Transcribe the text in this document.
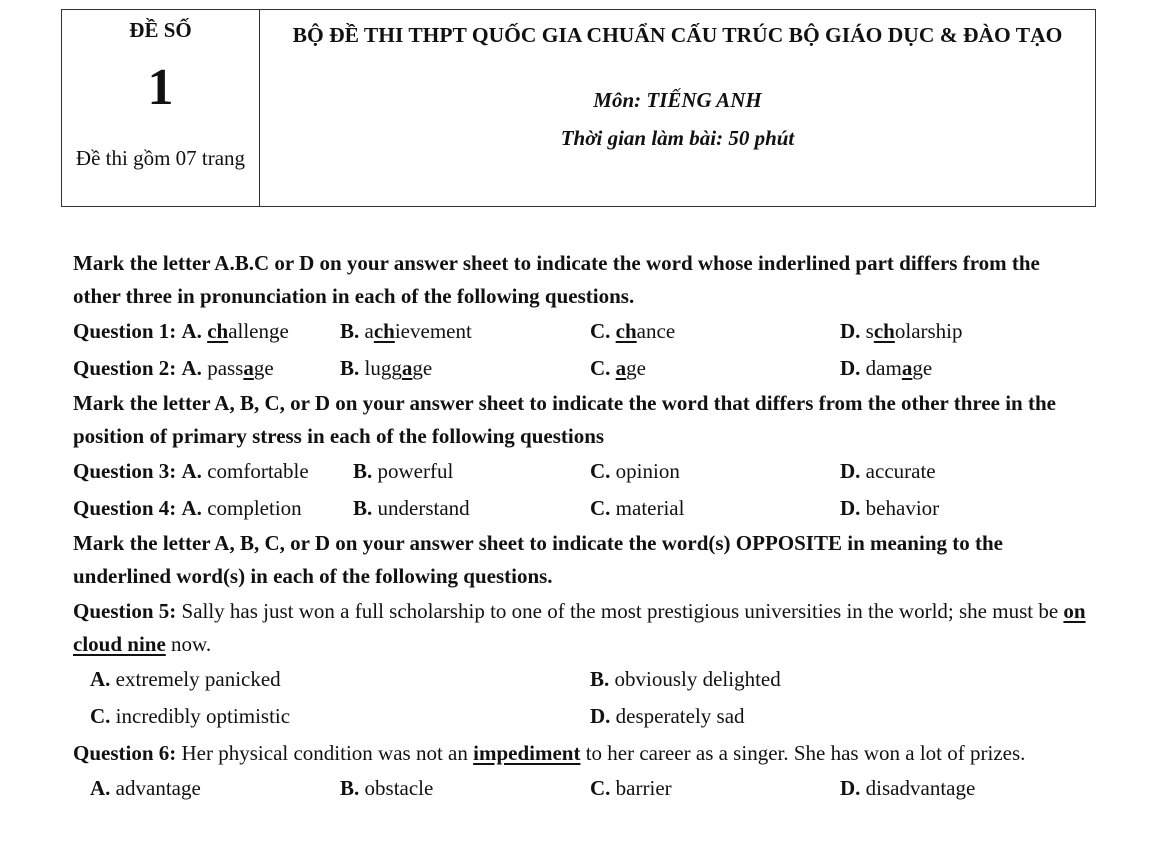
ĐỀ SỐ
1
Đề thi gồm 07 trang
BỘ ĐỀ THI THPT QUỐC GIA CHUẨN CẤU TRÚC BỘ GIÁO DỤC & ĐÀO TẠO
Môn: TIẾNG ANH
Thời gian làm bài: 50 phút

Mark the letter A.B.C or D on your answer sheet to indicate the word whose inderlined part differs from the other three in pronunciation in each of the following questions.

Question 1: A. challenge B. achievement	C. chance	D. scholarship
Question 2: A. passage	B. luggage	C. age	D. damage

Mark the letter A, B, C, or D on your answer sheet to indicate the word that differs from the other three in the position of primary stress in each of the following questions

Question 3: A. comfortable B. powerful	C. opinion	D. accurate
Question 4: A. completion B. understand	C. material	D. behavior

Mark the letter A, B, C, or D on your answer sheet to indicate the word(s) OPPOSITE in meaning to the underlined word(s) in each of the following questions.

Question 5: Sally has just won a full scholarship to one of the most prestigious universities in the world; she must be on cloud nine now.

A. extremely panicked	B. obviously delighted
C. incredibly optimistic	D. desperately sad

Question 6: Her physical condition was not an impediment to her career as a singer. She has won a lot of prizes.

A. advantage	B. obstacle	C. barrier	D. disadvantage
